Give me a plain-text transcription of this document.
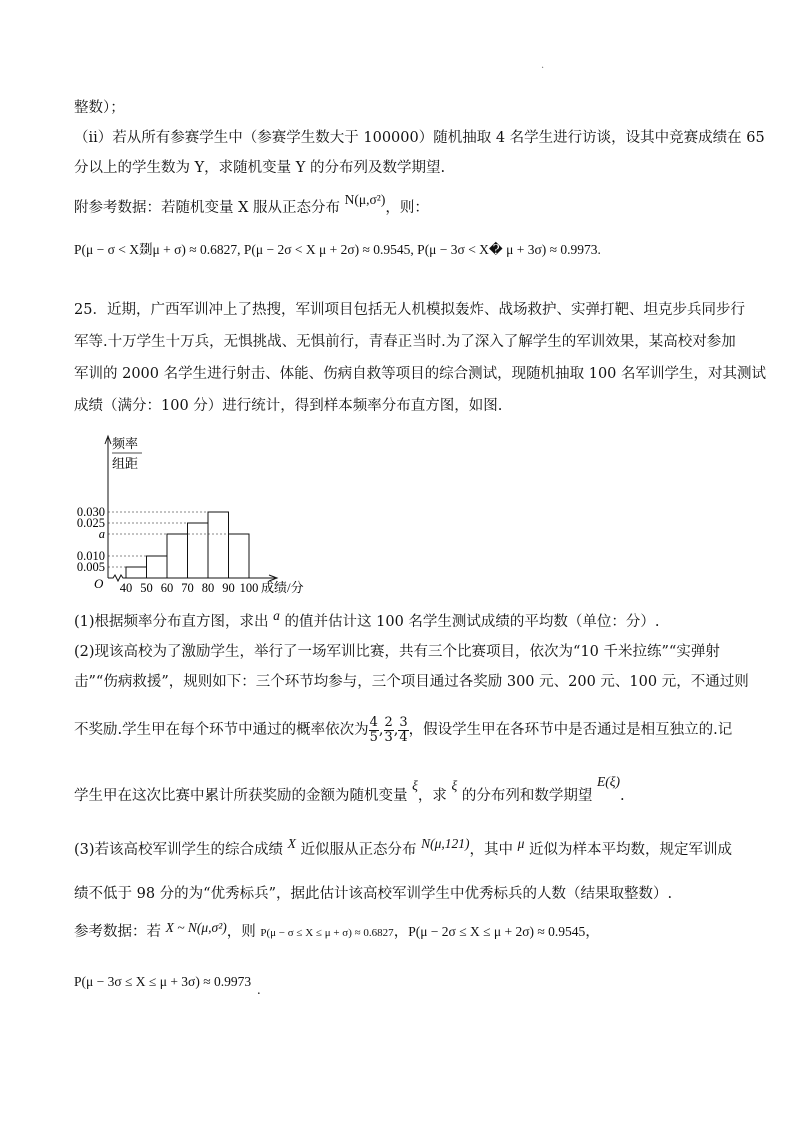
.
整数）；
（ii）若从所有参赛学生中（参赛学生数大于 100000）随机抽取 4 名学生进行访谈，设其中竞赛成绩在 65
分以上的学生数为 Y，求随机变量 Y 的分布列及数学期望.
附参考数据：若随机变量 X 服从正态分布 N(μ,σ²)，则：
P(μ − σ < X剟μ + σ) ≈ 0.6827, P(μ − 2σ < X μ + 2σ) ≈ 0.9545, P(μ − 3σ < X� μ + 3σ) ≈ 0.9973.
25．近期，广西军训冲上了热搜，军训项目包括无人机模拟轰炸、战场救护、实弹打靶、坦克步兵同步行
军等.十万学生十万兵，无惧挑战、无惧前行，青春正当时.为了深入了解学生的军训效果，某高校对参加
军训的 2000 名学生进行射击、体能、伤病自救等项目的综合测试，现随机抽取 100 名军训学生，对其测试
成绩（满分：100 分）进行统计，得到样本频率分布直方图，如图.
频率
组距
0.030
0.025
a
0.010
0.005
40 50 60 70 80 90 100
O	成绩/分
(1)根据频率分布直方图，求出 a 的值并估计这 100 名学生测试成绩的平均数（单位：分）.
(2)现该高校为了激励学生，举行了一场军训比赛，共有三个比赛项目，依次为“10 千米拉练”“实弹射
击”“伤病救援”，规则如下：三个环节均参与，三个项目通过各奖励 300 元、200 元、100 元，不通过则
不奖励.学生甲在每个环节中通过的概率依次为 $\frac{4}{5}$ , $\frac{2}{3}$ , $\frac{3}{4}$ ，假设学生甲在各环节中是否通过是相互独立的.记
学生甲在这次比赛中累计所获奖励的金额为随机变量 ξ，求 ξ 的分布列和数学期望 E(ξ).
(3)若该高校军训学生的综合成绩 X 近似服从正态分布 N(μ,121)，其中 μ 近似为样本平均数，规定军训成
绩不低于 98 分的为“优秀标兵”，据此估计该高校军训学生中优秀标兵的人数（结果取整数）.
参考数据：若 X ~ N(μ,σ²)，则 P(μ − σ ≤ X ≤ μ + σ) ≈ 0.6827，P(μ − 2σ ≤ X ≤ μ + 2σ) ≈ 0.9545，
P(μ − 3σ ≤ X ≤ μ + 3σ) ≈ 0.9973.
